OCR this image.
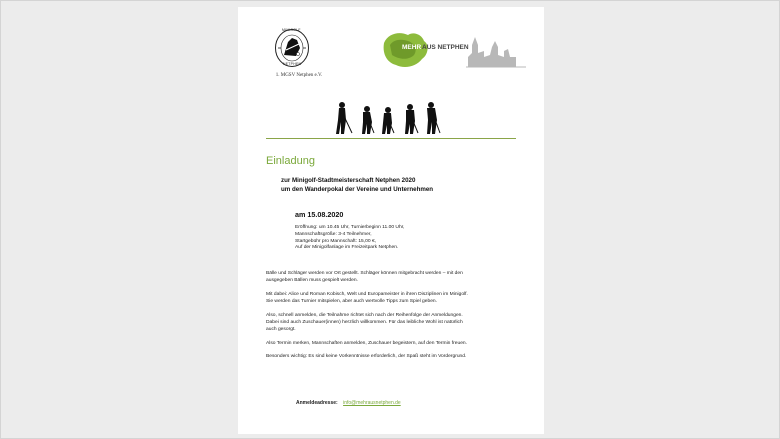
MINIGOLF
NETPHEN
1. MGSV Netphen e.V.
MEHR AUS NETPHEN
Einladung
zur Minigolf-Stadtmeisterschaft Netphen 2020
um den Wanderpokal der Vereine und Unternehmen
am 15.08.2020
Eröffnung: um 10.45 Uhr, Turnierbeginn 11.00 Uhr,
Mannschaftsgröße: 3-4 Teilnehmer,
Startgebühr pro Mannschaft: 15,00 €,
Auf der Minigolfanlage im Freizeitpark Netphen.
Bälle und Schläger werden vor Ort gestellt. Schläger können mitgebracht werden – mit den
ausgegeben Bällen muss gespielt werden.
Mit dabei: Alice und Roman Kobisch, Welt und Europameister in ihren Disziplinen im Minigolf.
Sie werden das Turnier mitspielen, aber auch wertvolle Tipps zum Spiel geben.
Also, schnell anmelden, die Teilnahme richtet sich nach der Reihenfolge der Anmeldungen.
Dabei sind auch Zuschauer(innen) herzlich willkommen. Für das leibliche Wohl ist natürlich
auch gesorgt.
Also Termin merken, Mannschaften anmelden, Zuschauer begeistern, auf den Termin freuen.
Besonders wichtig: Es sind keine Vorkenntnisse erforderlich, der Spaß steht im Vordergrund.
Anmeldeadresse: info@mehrausnetphen.de
